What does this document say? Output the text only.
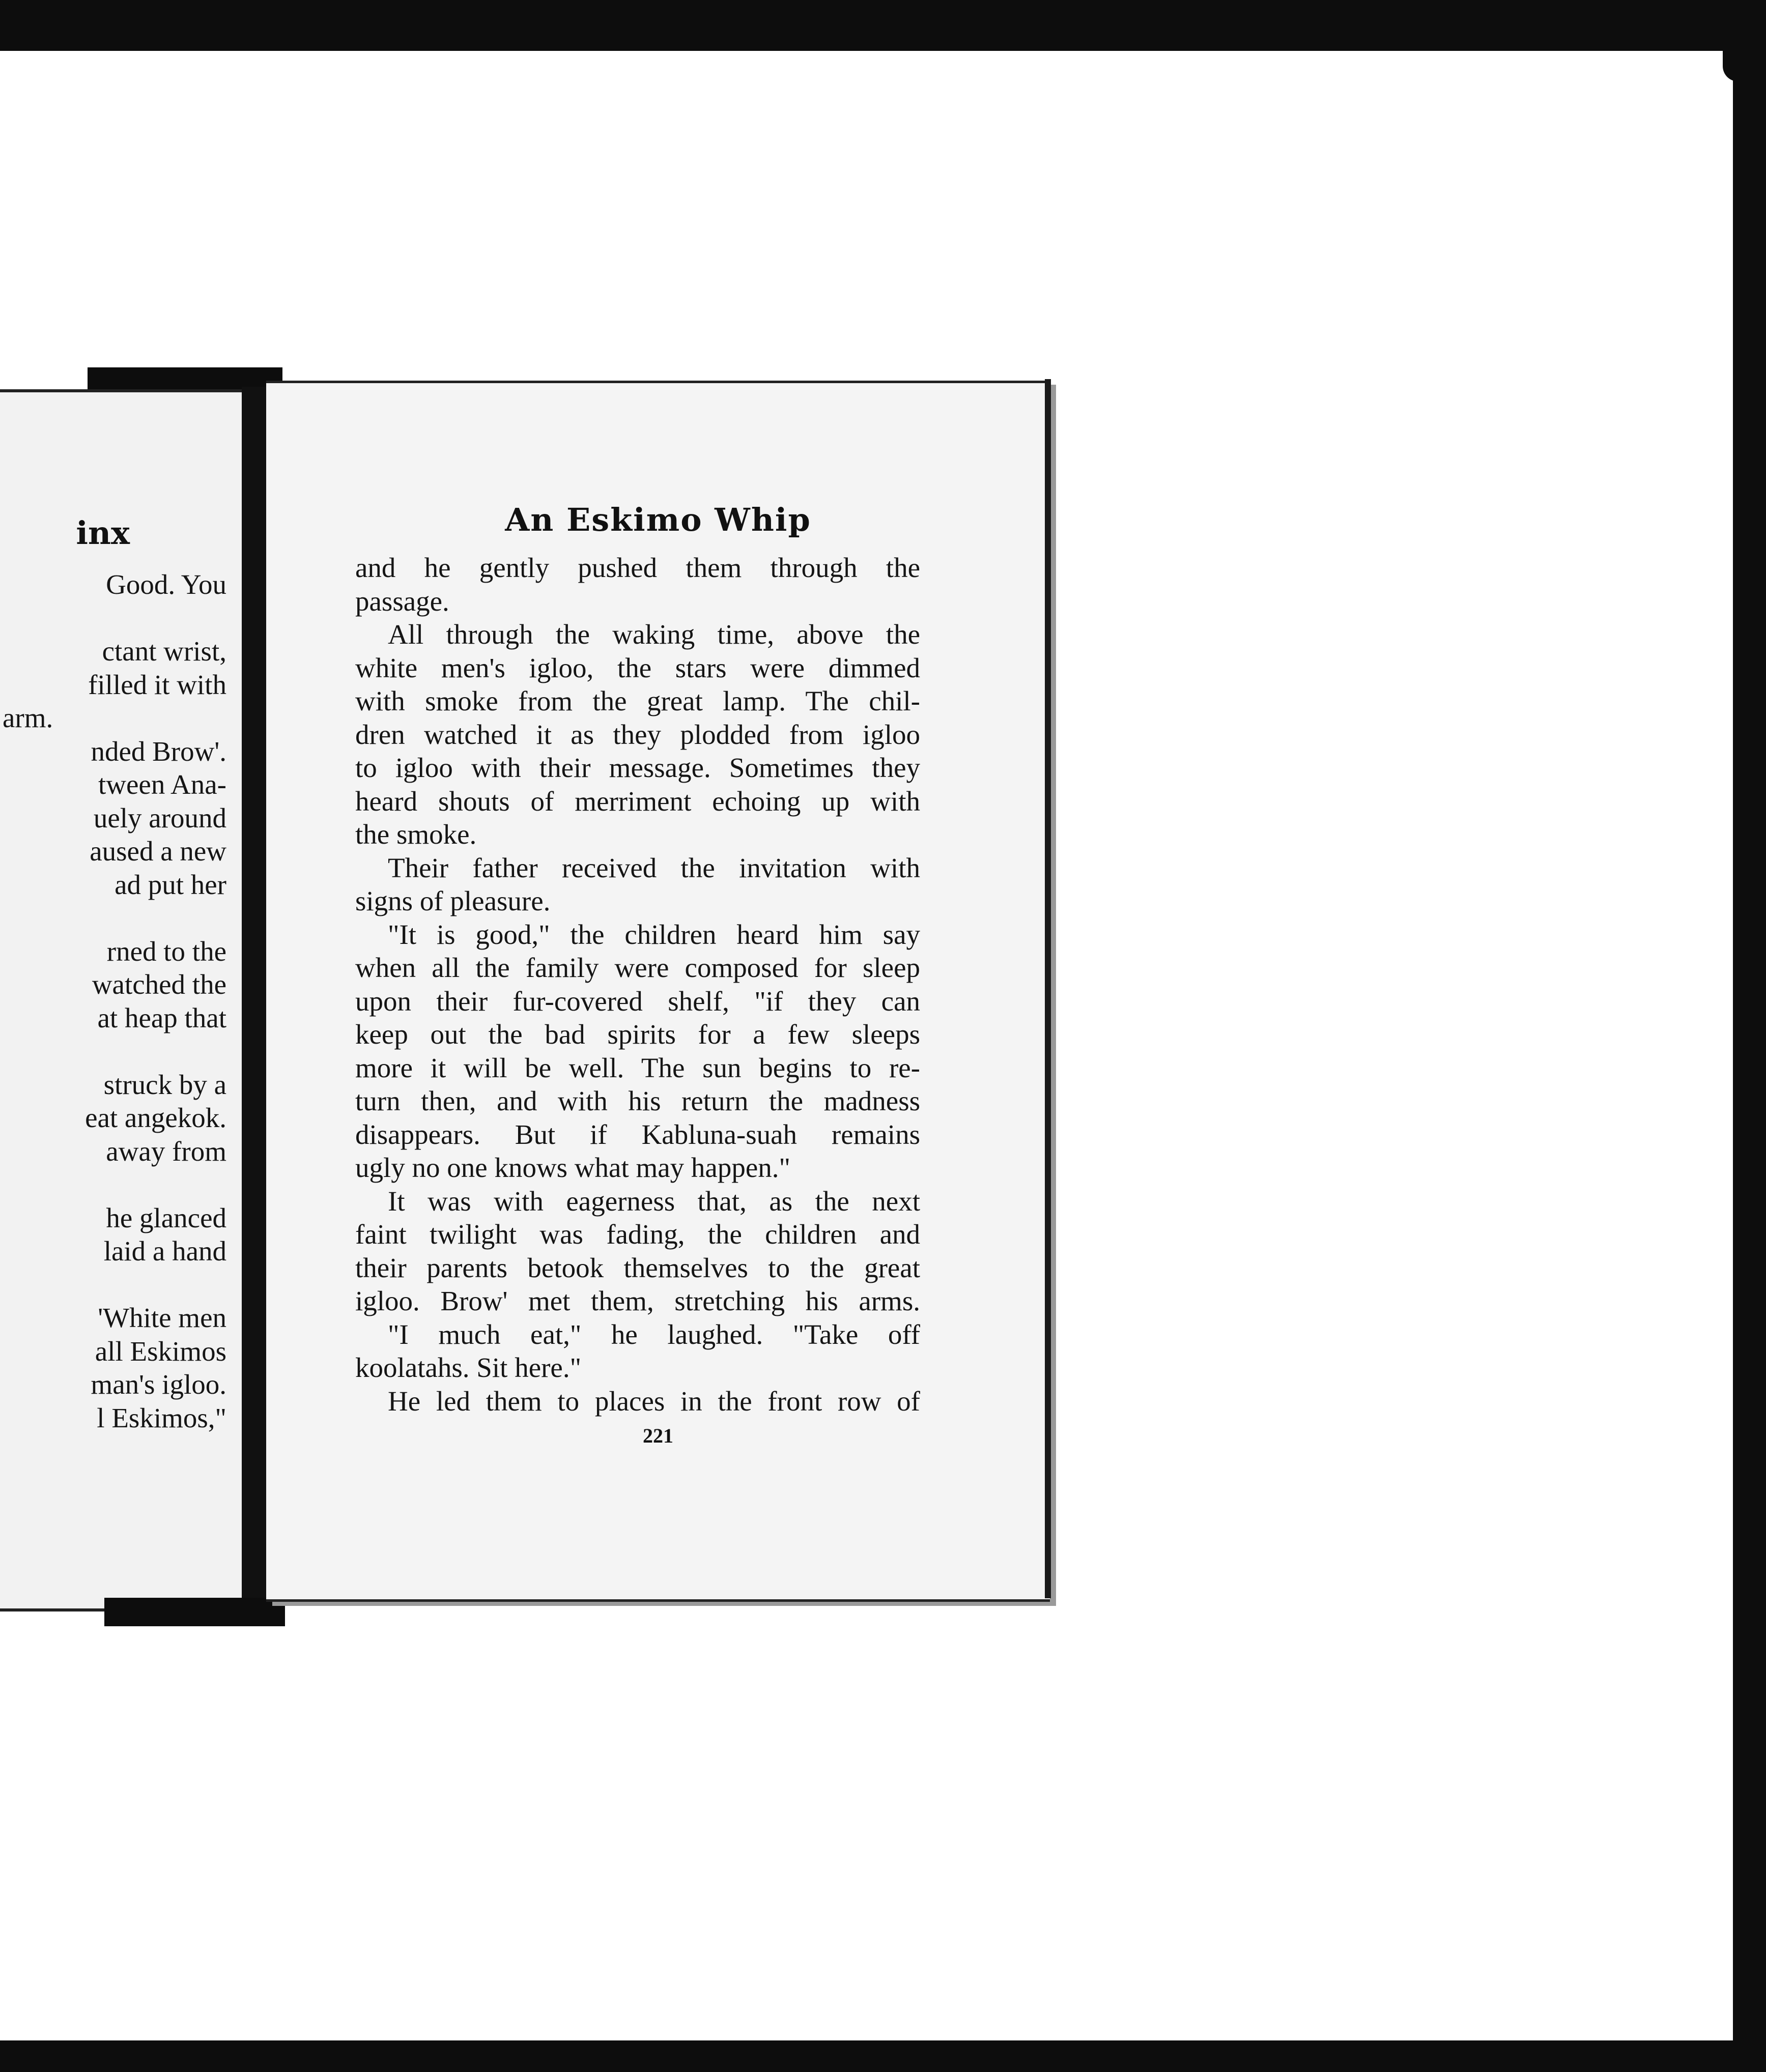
inx
Good. You
ctant wrist,
filled it with
arm.
nded Brow'.
tween Ana-
uely around
aused a new
ad put her
rned to the
watched the
at heap that
struck by a
eat angekok.
away from
he glanced
laid a hand
'White men
all Eskimos
man's igloo.
l Eskimos,"
An Eskimo Whip
and he gently pushed them through the
passage.
All through the waking time, above the
white men's igloo, the stars were dimmed
with smoke from the great lamp. The chil-
dren watched it as they plodded from igloo
to igloo with their message. Sometimes they
heard shouts of merriment echoing up with
the smoke.
Their father received the invitation with
signs of pleasure.
"It is good," the children heard him say
when all the family were composed for sleep
upon their fur-covered shelf, "if they can
keep out the bad spirits for a few sleeps
more it will be well. The sun begins to re-
turn then, and with his return the madness
disappears. But if Kabluna-suah remains
ugly no one knows what may happen."
It was with eagerness that, as the next
faint twilight was fading, the children and
their parents betook themselves to the great
igloo. Brow' met them, stretching his arms.
"I much eat," he laughed. "Take off
koolatahs. Sit here."
He led them to places in the front row of
221
